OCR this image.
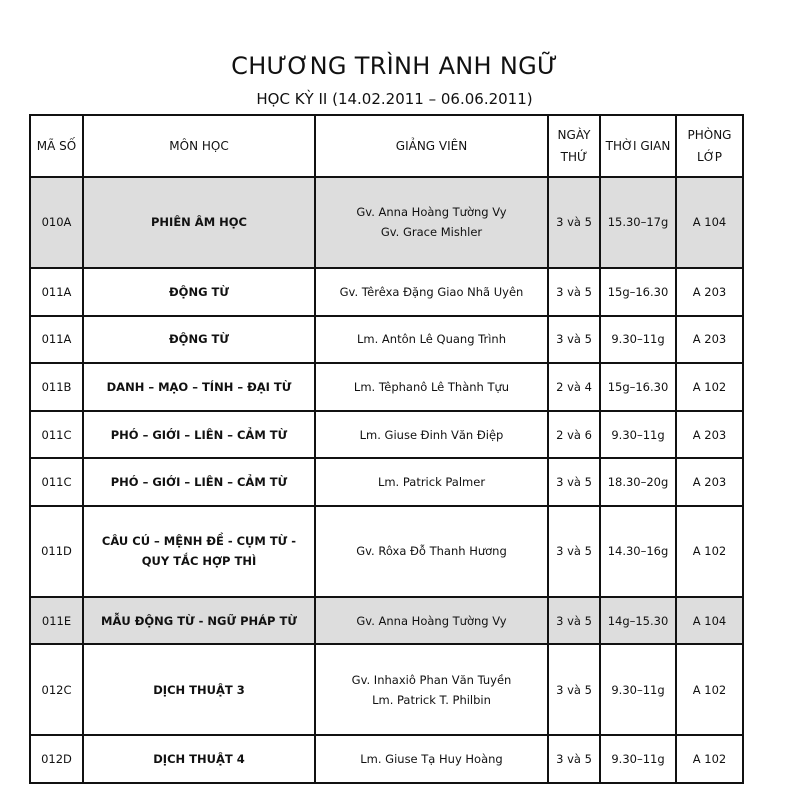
CHƯƠNG TRÌNH ANH NGỮ
HỌC KỲ II (14.02.2011 – 06.06.2011)
MÃ SỐ	MÔN HỌC	GIẢNG VIÊN	NGÀY
THỨ	THỜI GIAN	PHÒNG
LỚP

010A	PHIÊN ÂM HỌC	Gv. Anna Hoàng Tường Vy
Gv. Grace Mishler	3 và 5	15.30–17g	A 104

011A	ĐỘNG TỪ	Gv. Têrêxa Đặng Giao Nhã Uyên	3 và 5	15g–16.30	A 203

011A	ĐỘNG TỪ	Lm. Antôn Lê Quang Trình	3 và 5	9.30–11g	A 203

011B	DANH – MẠO – TÍNH – ĐẠI TỪ	Lm. Têphanô Lê Thành Tựu	2 và 4	15g–16.30	A 102

011C	PHÓ – GIỚI – LIÊN – CẢM TỪ	Lm. Giuse Đinh Văn Điệp	2 và 6	9.30–11g	A 203

011C	PHÓ – GIỚI – LIÊN – CẢM TỪ	Lm. Patrick Palmer	3 và 5	18.30–20g	A 203

011D	CÂU CÚ – MỆNH ĐỀ - CỤM TỪ -
QUY TẮC HỢP THÌ	Gv. Rôxa Đỗ Thanh Hương	3 và 5	14.30–16g	A 102

011E	MẪU ĐỘNG TỪ - NGỮ PHÁP TỪ	Gv. Anna Hoàng Tường Vy	3 và 5	14g–15.30	A 104

012C	DỊCH THUẬT 3	Gv. Inhaxiô Phan Văn Tuyền
Lm. Patrick T. Philbin	3 và 5	9.30–11g	A 102

012D	DỊCH THUẬT 4	Lm. Giuse Tạ Huy Hoàng	3 và 5	9.30–11g	A 102
